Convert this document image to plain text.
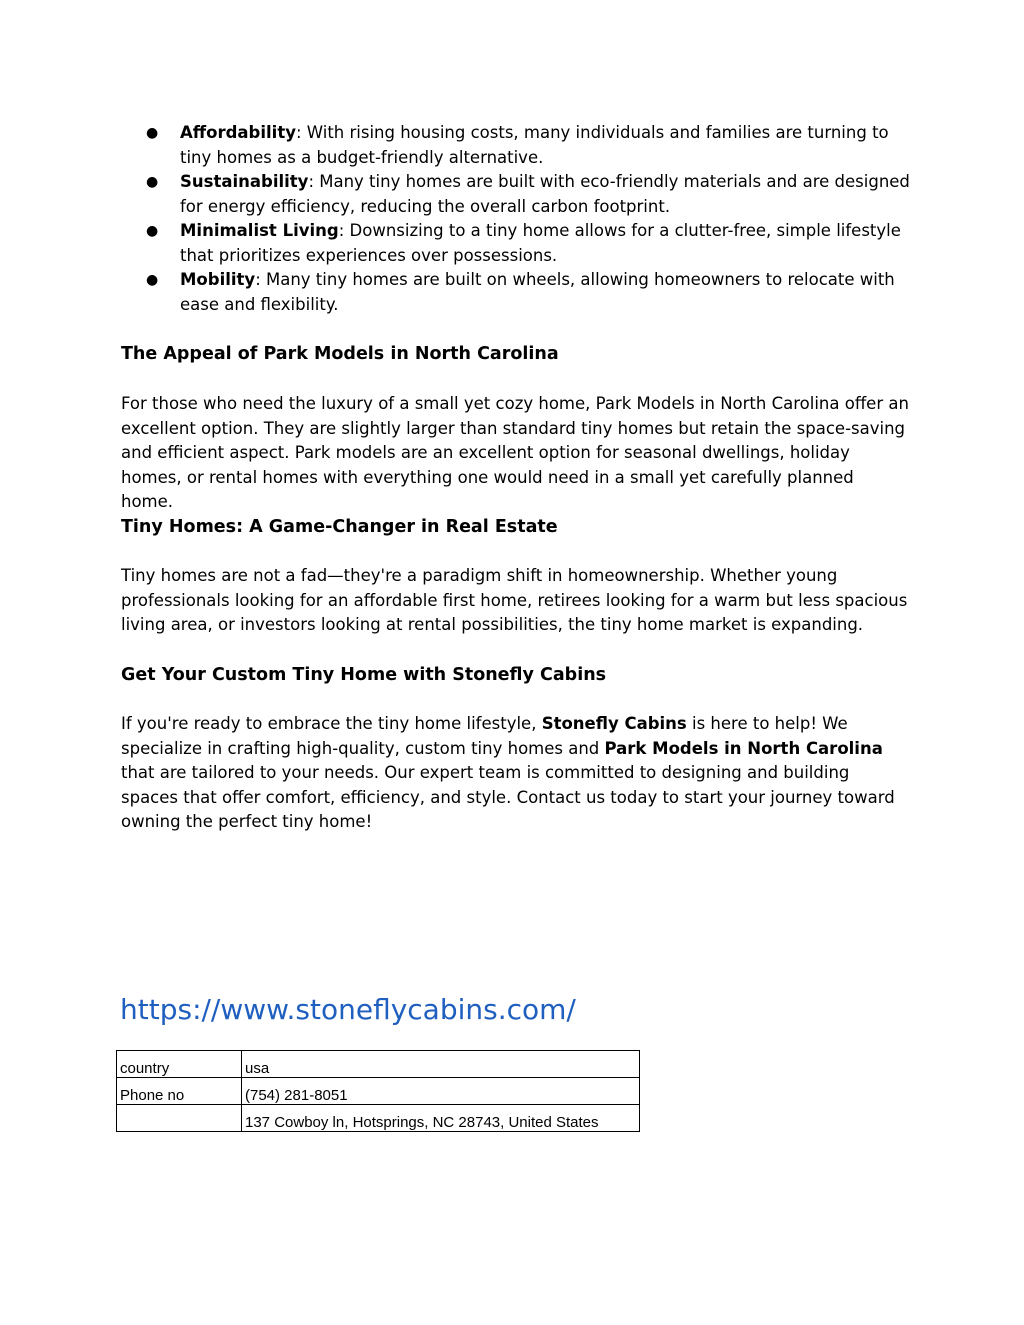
● Affordability: With rising housing costs, many individuals and families are turning to tiny homes as a budget-friendly alternative.
● Sustainability: Many tiny homes are built with eco-friendly materials and are designed for energy efficiency, reducing the overall carbon footprint.
● Minimalist Living: Downsizing to a tiny home allows for a clutter-free, simple lifestyle that prioritizes experiences over possessions.
● Mobility: Many tiny homes are built on wheels, allowing homeowners to relocate with ease and flexibility.
The Appeal of Park Models in North Carolina

For those who need the luxury of a small yet cozy home, Park Models in North Carolina offer an excellent option. They are slightly larger than standard tiny homes but retain the space-saving and efficient aspect. Park models are an excellent option for seasonal dwellings, holiday homes, or rental homes with everything one would need in a small yet carefully planned home.

Tiny Homes: A Game-Changer in Real Estate

Tiny homes are not a fad—they're a paradigm shift in homeownership. Whether young professionals looking for an affordable first home, retirees looking for a warm but less spacious living area, or investors looking at rental possibilities, the tiny home market is expanding.

Get Your Custom Tiny Home with Stonefly Cabins

If you're ready to embrace the tiny home lifestyle, Stonefly Cabins is here to help! We specialize in crafting high-quality, custom tiny homes and Park Models in North Carolina that are tailored to your needs. Our expert team is committed to designing and building spaces that offer comfort, efficiency, and style. Contact us today to start your journey toward owning the perfect tiny home!

https://www.stoneflycabins.com/
country	usa
Phone no	(754) 281-8051
	137 Cowboy ln, Hotsprings, NC 28743, United States
